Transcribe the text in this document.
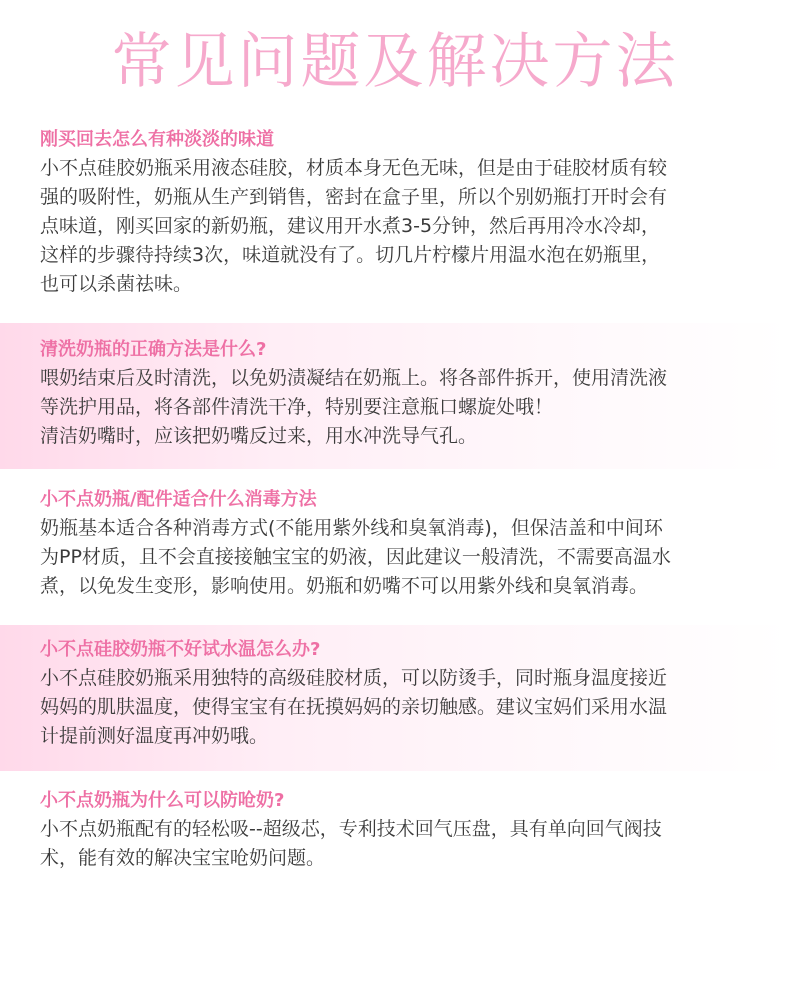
常见问题及解决方法

刚买回去怎么有种淡淡的味道

小不点硅胶奶瓶采用液态硅胶，材质本身无色无味，但是由于硅胶材质有较
强的吸附性，奶瓶从生产到销售，密封在盒子里，所以个别奶瓶打开时会有
点味道，刚买回家的新奶瓶，建议用开水煮3-5分钟，然后再用冷水冷却，
这样的步骤待持续3次，味道就没有了。切几片柠檬片用温水泡在奶瓶里，
也可以杀菌祛味。

清洗奶瓶的正确方法是什么?

喂奶结束后及时清洗，以免奶渍凝结在奶瓶上。将各部件拆开，使用清洗液
等洗护用品，将各部件清洗干净，特别要注意瓶口螺旋处哦！
清洁奶嘴时，应该把奶嘴反过来，用水冲洗导气孔。

小不点奶瓶/配件适合什么消毒方法

奶瓶基本适合各种消毒方式(不能用紫外线和臭氧消毒)，但保洁盖和中间环
为PP材质，且不会直接接触宝宝的奶液，因此建议一般清洗，不需要高温水
煮，以免发生变形，影响使用。奶瓶和奶嘴不可以用紫外线和臭氧消毒。

小不点硅胶奶瓶不好试水温怎么办?

小不点硅胶奶瓶采用独特的高级硅胶材质，可以防烫手，同时瓶身温度接近
妈妈的肌肤温度，使得宝宝有在抚摸妈妈的亲切触感。建议宝妈们采用水温
计提前测好温度再冲奶哦。

小不点奶瓶为什么可以防呛奶?

小不点奶瓶配有的轻松吸--超级芯，专利技术回气压盘，具有单向回气阀技
术，能有效的解决宝宝呛奶问题。
